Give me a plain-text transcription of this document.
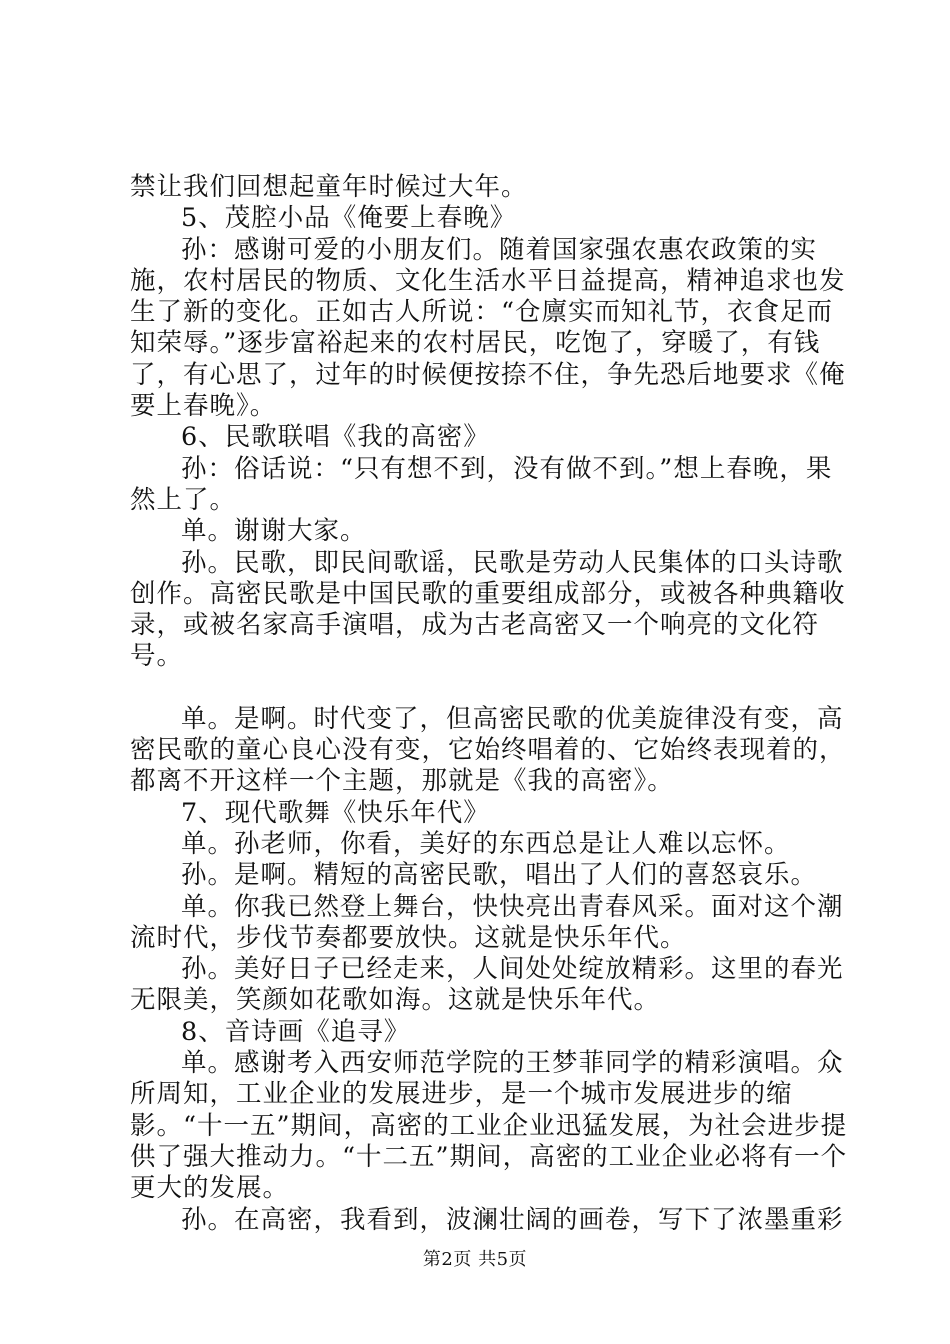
禁让我们回想起童年时候过大年。

5、茂腔小品《俺要上春晚》

孙：感谢可爱的小朋友们。随着国家强农惠农政策的实施，农村居民的物质、文化生活水平日益提高，精神追求也发生了新的变化。正如古人所说：“仓廪实而知礼节，衣食足而知荣辱。”逐步富裕起来的农村居民，吃饱了，穿暖了，有钱了，有心思了，过年的时候便按捺不住，争先恐后地要求《俺要上春晚》。

6、民歌联唱《我的高密》

孙：俗话说：“只有想不到，没有做不到。”想上春晚，果然上了。

单。谢谢大家。

孙。民歌，即民间歌谣，民歌是劳动人民集体的口头诗歌创作。高密民歌是中国民歌的重要组成部分，或被各种典籍收录，或被名家高手演唱，成为古老高密又一个响亮的文化符号。

单。是啊。时代变了，但高密民歌的优美旋律没有变，高密民歌的童心良心没有变，它始终唱着的、它始终表现着的，都离不开这样一个主题，那就是《我的高密》。

7、现代歌舞《快乐年代》

单。孙老师，你看，美好的东西总是让人难以忘怀。

孙。是啊。精短的高密民歌，唱出了人们的喜怒哀乐。

单。你我已然登上舞台，快快亮出青春风采。面对这个潮流时代，步伐节奏都要放快。这就是快乐年代。

孙。美好日子已经走来，人间处处绽放精彩。这里的春光无限美，笑颜如花歌如海。这就是快乐年代。

8、音诗画《追寻》

单。感谢考入西安师范学院的王梦菲同学的精彩演唱。众所周知，工业企业的发展进步，是一个城市发展进步的缩影。“十一五”期间，高密的工业企业迅猛发展，为社会进步提供了强大推动力。“十二五”期间，高密的工业企业必将有一个更大的发展。

孙。在高密，我看到，波澜壮阔的画卷，写下了浓墨重彩

第2页 共5页
